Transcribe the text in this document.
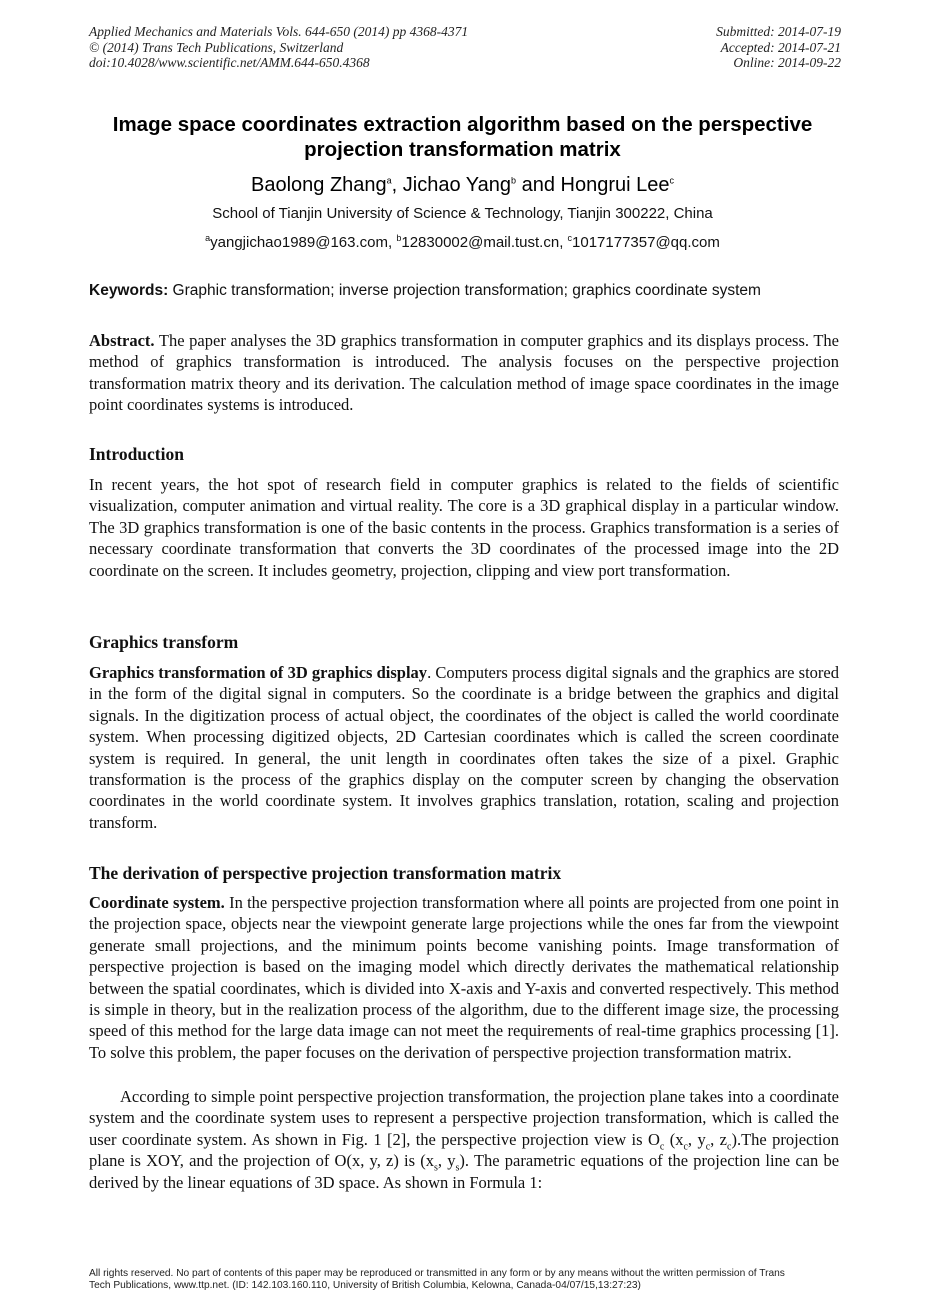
Applied Mechanics and Materials Vols. 644-650 (2014) pp 4368-4371
© (2014) Trans Tech Publications, Switzerland
doi:10.4028/www.scientific.net/AMM.644-650.4368
Submitted: 2014-07-19
Accepted: 2014-07-21
Online: 2014-09-22
Image space coordinates extraction algorithm based on the perspective
projection transformation matrix
Baolong Zhang$^a$, Jichao Yang$^b$ and Hongrui Lee$^c$
School of Tianjin University of Science & Technology, Tianjin 300222, China
$^a$yangjichao1989@163.com, $^b$12830002@mail.tust.cn, $^c$1017177357@qq.com
Keywords: Graphic transformation; inverse projection transformation; graphics coordinate system
Abstract. The paper analyses the 3D graphics transformation in computer graphics and its displays process. The method of graphics transformation is introduced. The analysis focuses on the perspective projection transformation matrix theory and its derivation. The calculation method of image space coordinates in the image point coordinates systems is introduced.
Introduction
In recent years, the hot spot of research field in computer graphics is related to the fields of scientific visualization, computer animation and virtual reality. The core is a 3D graphical display in a particular window. The 3D graphics transformation is one of the basic contents in the process. Graphics transformation is a series of necessary coordinate transformation that converts the 3D coordinates of the processed image into the 2D coordinate on the screen. It includes geometry, projection, clipping and view port transformation.
Graphics transform
Graphics transformation of 3D graphics display. Computers process digital signals and the graphics are stored in the form of the digital signal in computers. So the coordinate is a bridge between the graphics and digital signals. In the digitization process of actual object, the coordinates of the object is called the world coordinate system. When processing digitized objects, 2D Cartesian coordinates which is called the screen coordinate system is required. In general, the unit length in coordinates often takes the size of a pixel. Graphic transformation is the process of the graphics display on the computer screen by changing the observation coordinates in the world coordinate system. It involves graphics translation, rotation, scaling and projection transform.
The derivation of perspective projection transformation matrix
Coordinate system. In the perspective projection transformation where all points are projected from one point in the projection space, objects near the viewpoint generate large projections while the ones far from the viewpoint generate small projections, and the minimum points become vanishing points. Image transformation of perspective projection is based on the imaging model which directly derivates the mathematical relationship between the spatial coordinates, which is divided into X-axis and Y-axis and converted respectively. This method is simple in theory, but in the realization process of the algorithm, due to the different image size, the processing speed of this method for the large data image can not meet the requirements of real-time graphics processing [1]. To solve this problem, the paper focuses on the derivation of perspective projection transformation matrix.
According to simple point perspective projection transformation, the projection plane takes into a coordinate system and the coordinate system uses to represent a perspective projection transformation, which is called the user coordinate system. As shown in Fig. 1 [2], the perspective projection view is $O_c$ ($x_c$, $y_c$, $z_c).The$ projection plane is XOY, and the projection of O(x, y, z) is ($x_s$, $y_s$). The parametric equations of the projection line can be derived by the linear equations of 3D space. As shown in Formula 1:
All rights reserved. No part of contents of this paper may be reproduced or transmitted in any form or by any means without the written permission of Trans
Tech Publications, www.ttp.net. (ID: 142.103.160.110, University of British Columbia, Kelowna, Canada-04/07/15,13:27:23)
